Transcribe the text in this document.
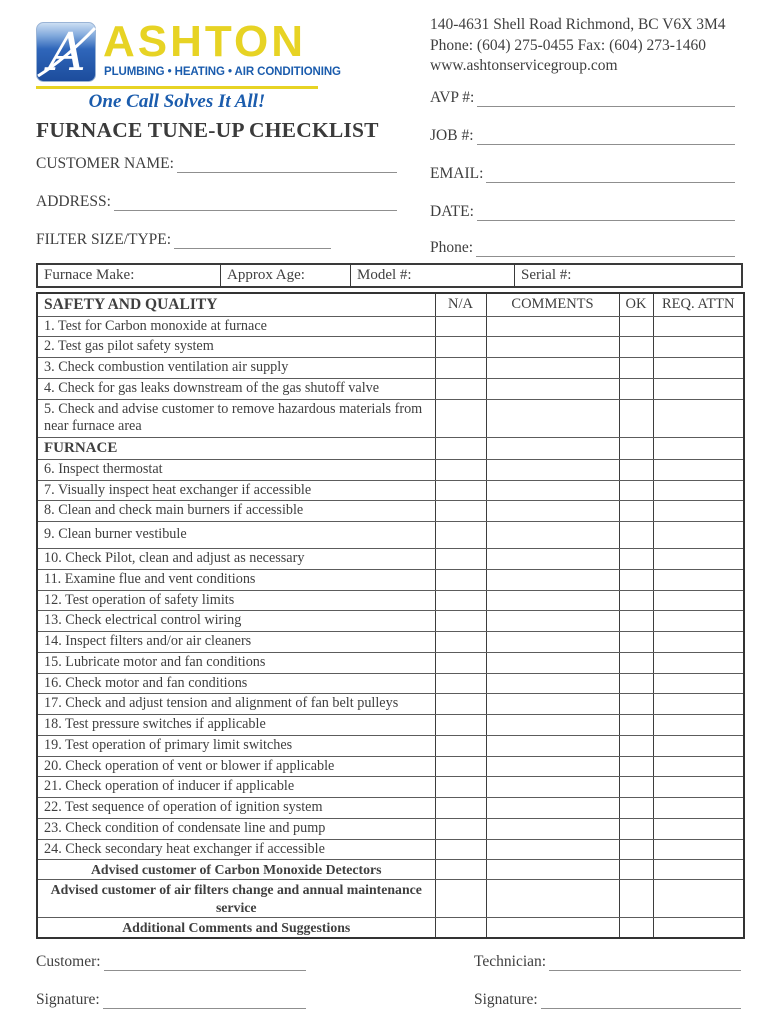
A ASHTON
PLUMBING • HEATING • AIR CONDITIONING
One Call Solves It All!
140-4631 Shell Road Richmond, BC V6X 3M4
Phone: (604) 275-0455 Fax: (604) 273-1460
www.ashtonservicegroup.com
FURNACE TUNE-UP CHECKLIST
AVP #:
JOB #:
EMAIL:
DATE:
Phone:
CUSTOMER NAME:
ADDRESS:
FILTER SIZE/TYPE:
Furnace Make:	Approx Age:	Model #:	Serial #:
SAFETY AND QUALITY	N/A	COMMENTS	OK	REQ. ATTN
1. Test for Carbon monoxide at furnace				
2. Test gas pilot safety system				
3. Check combustion ventilation air supply				
4. Check for gas leaks downstream of the gas shutoff valve				
5. Check and advise customer to remove hazardous materials from near furnace area				
FURNACE				
6. Inspect thermostat				
7. Visually inspect heat exchanger if accessible				
8. Clean and check main burners if accessible				
9. Clean burner vestibule				
10. Check Pilot, clean and adjust as necessary				
11. Examine flue and vent conditions				
12. Test operation of safety limits				
13. Check electrical control wiring				
14. Inspect filters and/or air cleaners				
15. Lubricate motor and fan conditions				
16. Check motor and fan conditions				
17. Check and adjust tension and alignment of fan belt pulleys				
18. Test pressure switches if applicable				
19. Test operation of primary limit switches				
20. Check operation of vent or blower if applicable				
21. Check operation of inducer if applicable				
22. Test sequence of operation of ignition system				
23. Check condition of condensate line and pump				
24. Check secondary heat exchanger if accessible				
Advised customer of Carbon Monoxide Detectors				
Advised customer of air filters change and annual maintenance service				
Additional Comments and Suggestions				
Customer:	Technician:
Signature:	Signature:
